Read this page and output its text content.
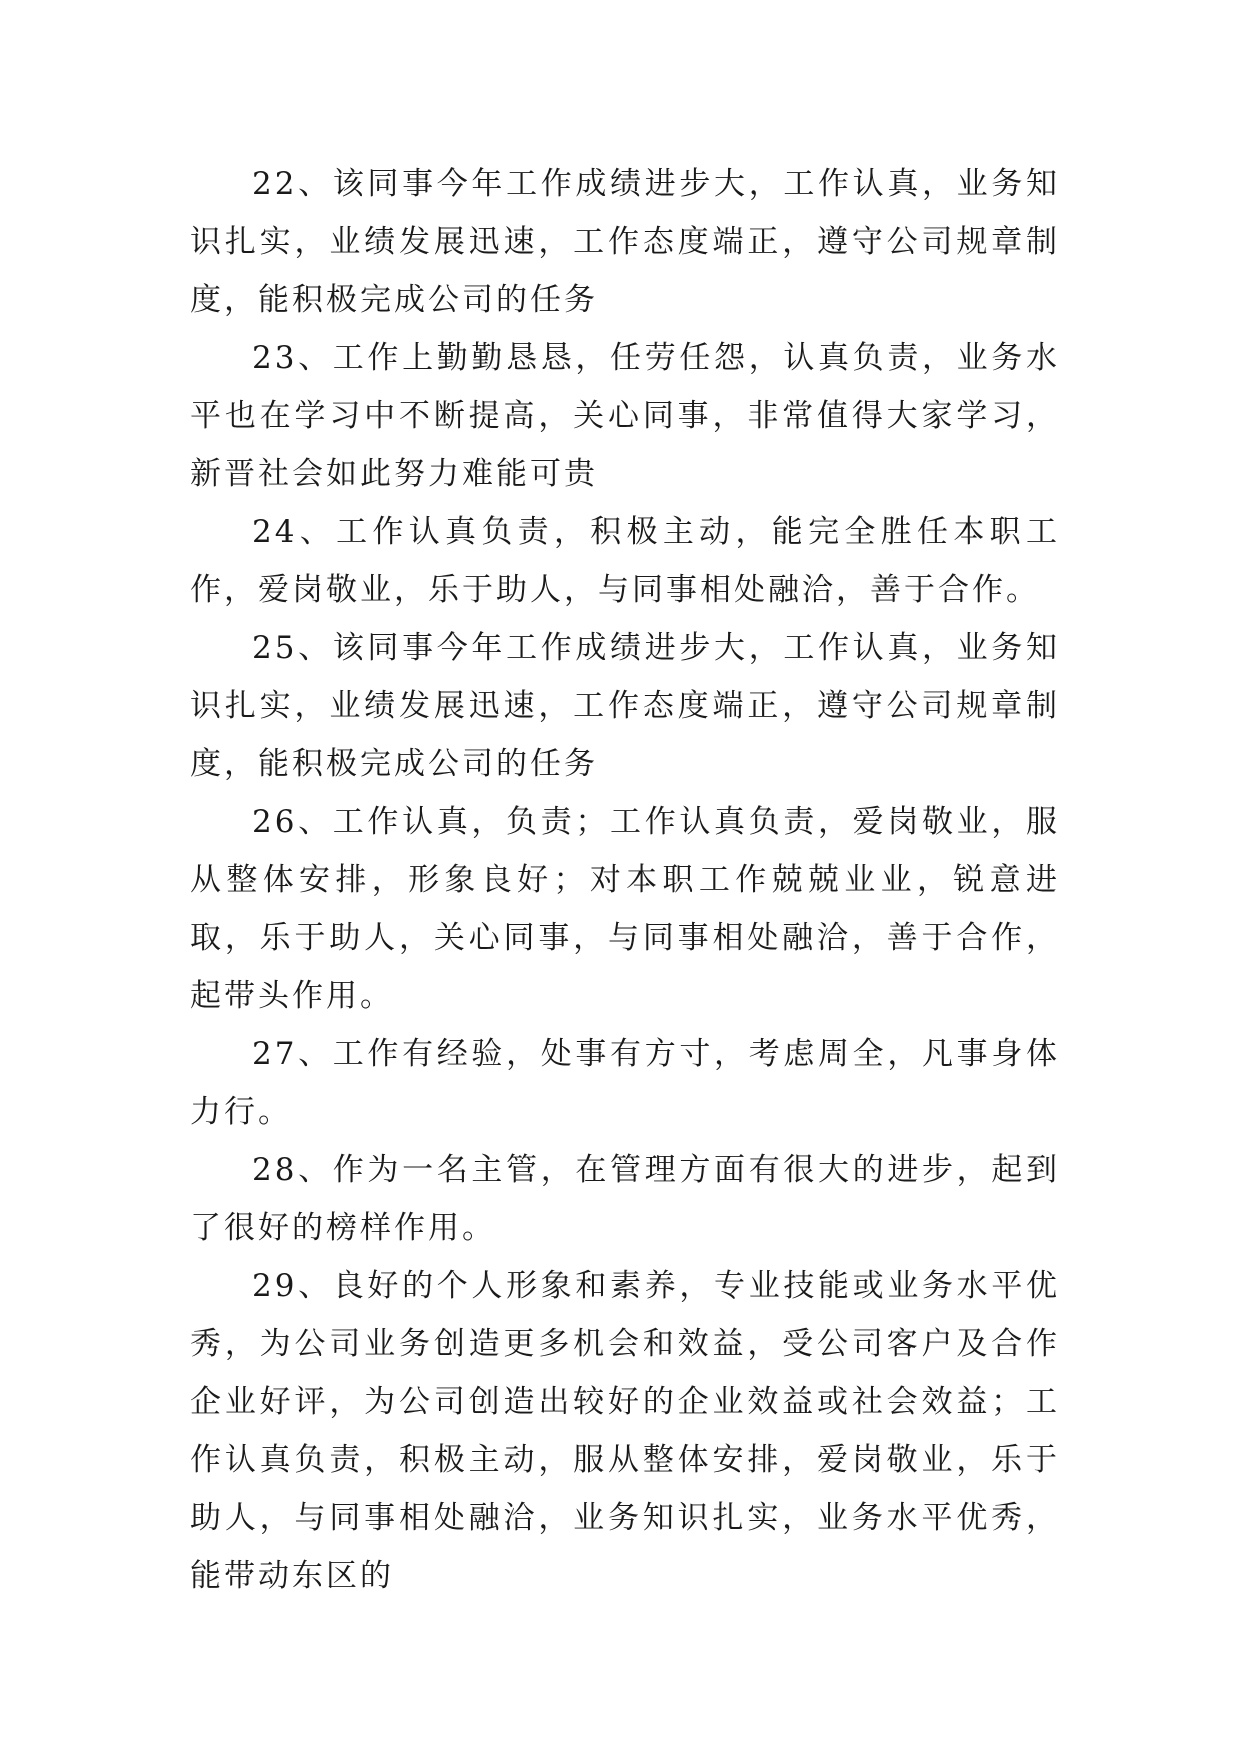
22、该同事今年工作成绩进步大，工作认真，业务知识扎实，业绩发展迅速，工作态度端正，遵守公司规章制度，能积极完成公司的任务

23、工作上勤勤恳恳，任劳任怨，认真负责，业务水平也在学习中不断提高，关心同事，非常值得大家学习，新晋社会如此努力难能可贵

24、工作认真负责，积极主动，能完全胜任本职工作，爱岗敬业，乐于助人，与同事相处融洽，善于合作。

25、该同事今年工作成绩进步大，工作认真，业务知识扎实，业绩发展迅速，工作态度端正，遵守公司规章制度，能积极完成公司的任务

26、工作认真，负责；工作认真负责，爱岗敬业，服从整体安排，形象良好；对本职工作兢兢业业，锐意进取，乐于助人，关心同事，与同事相处融洽，善于合作，起带头作用。

27、工作有经验，处事有方寸，考虑周全，凡事身体力行。

28、作为一名主管，在管理方面有很大的进步，起到了很好的榜样作用。

29、良好的个人形象和素养，专业技能或业务水平优秀，为公司业务创造更多机会和效益，受公司客户及合作企业好评，为公司创造出较好的企业效益或社会效益；工作认真负责，积极主动，服从整体安排，爱岗敬业，乐于助人，与同事相处融洽，业务知识扎实，业务水平优秀，能带动东区的
